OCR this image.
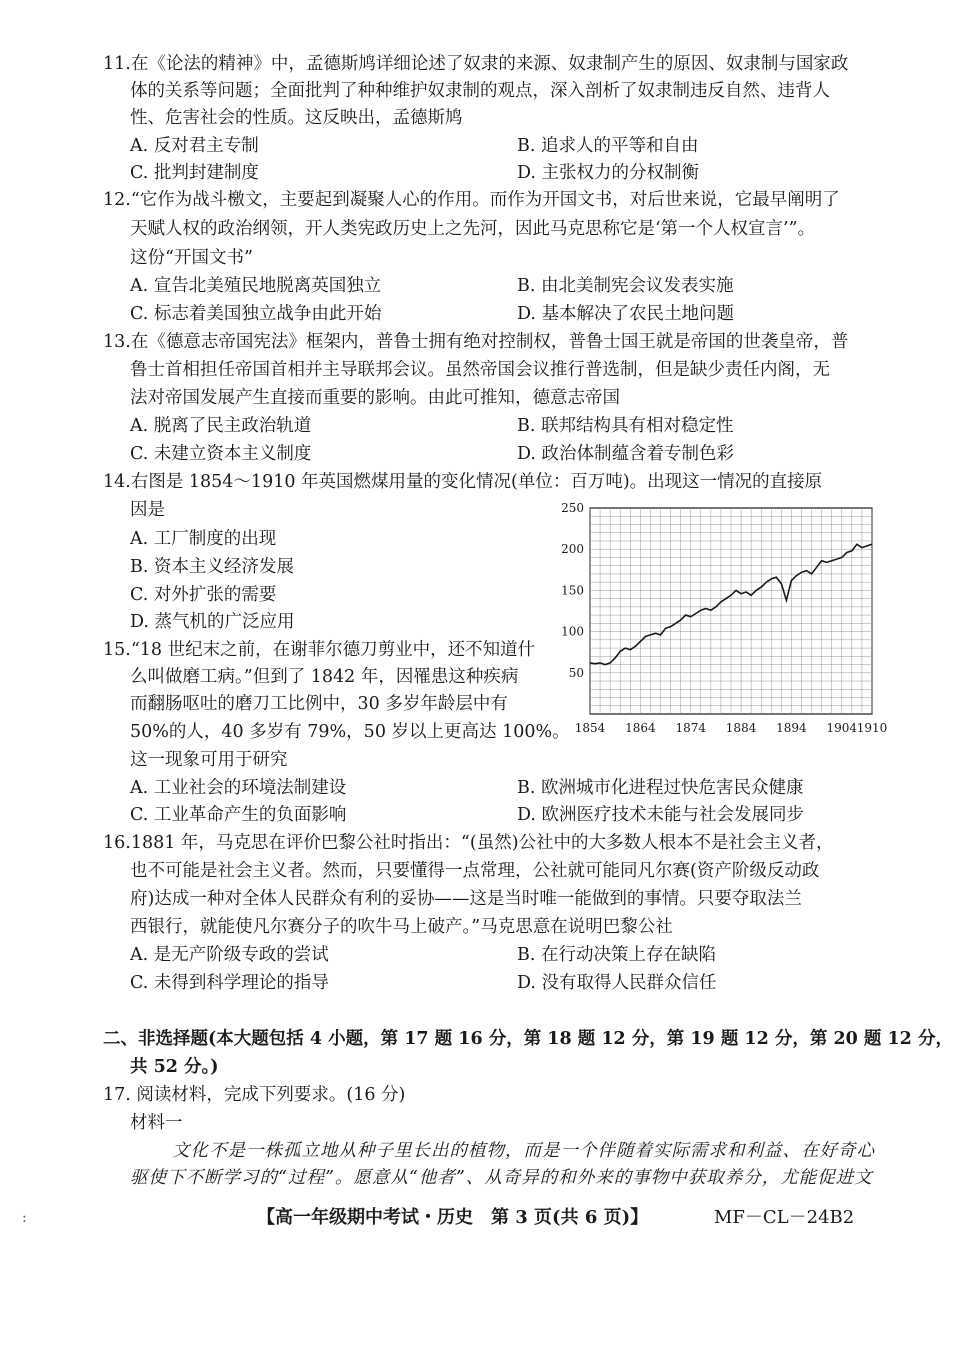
11.在《论法的精神》中，孟德斯鸠详细论述了奴隶的来源、奴隶制产生的原因、奴隶制与国家政
体的关系等问题；全面批判了种种维护奴隶制的观点，深入剖析了奴隶制违反自然、违背人
性、危害社会的性质。这反映出，孟德斯鸠
A. 反对君主专制	B. 追求人的平等和自由
C. 批判封建制度	D. 主张权力的分权制衡
12.“它作为战斗檄文，主要起到凝聚人心的作用。而作为开国文书，对后世来说，它最早阐明了
天赋人权的政治纲领，开人类宪政历史上之先河，因此马克思称它是‘第一个人权宣言’”。
这份“开国文书”
A. 宣告北美殖民地脱离英国独立	B. 由北美制宪会议发表实施
C. 标志着美国独立战争由此开始	D. 基本解决了农民土地问题
13.在《德意志帝国宪法》框架内，普鲁士拥有绝对控制权，普鲁士国王就是帝国的世袭皇帝，普
鲁士首相担任帝国首相并主导联邦会议。虽然帝国会议推行普选制，但是缺少责任内阁，无
法对帝国发展产生直接而重要的影响。由此可推知，德意志帝国
A. 脱离了民主政治轨道	B. 联邦结构具有相对稳定性
C. 未建立资本主义制度	D. 政治体制蕴含着专制色彩
14.右图是 1854～1910 年英国燃煤用量的变化情况(单位：百万吨)。出现这一情况的直接原
因是
A. 工厂制度的出现
B. 资本主义经济发展
C. 对外扩张的需要
D. 蒸气机的广泛应用
50
100
150
200
250
1854 1864 1874 1884 1894 1904 1910
15.“18 世纪末之前，在谢菲尔德刀剪业中，还不知道什
么叫做磨工病。”但到了 1842 年，因罹患这种疾病
而翻肠呕吐的磨刀工比例中，30 多岁年龄层中有
50%的人，40 多岁有 79%，50 岁以上更高达 100%。
这一现象可用于研究
A. 工业社会的环境法制建设	B. 欧洲城市化进程过快危害民众健康
C. 工业革命产生的负面影响	D. 欧洲医疗技术未能与社会发展同步
16.1881 年，马克思在评价巴黎公社时指出：“(虽然)公社中的大多数人根本不是社会主义者，
也不可能是社会主义者。然而，只要懂得一点常理，公社就可能同凡尔赛(资产阶级反动政
府)达成一种对全体人民群众有利的妥协——这是当时唯一能做到的事情。只要夺取法兰
西银行，就能使凡尔赛分子的吹牛马上破产。”马克思意在说明巴黎公社
A. 是无产阶级专政的尝试	B. 在行动决策上存在缺陷
C. 未得到科学理论的指导	D. 没有取得人民群众信任
二、非选择题(本大题包括 4 小题，第 17 题 16 分，第 18 题 12 分，第 19 题 12 分，第 20 题 12 分，
共 52 分。)
17. 阅读材料，完成下列要求。(16 分)
材料一
文化不是一株孤立地从种子里长出的植物，而是一个伴随着实际需求和利益、在好奇心
驱使下不断学习的“过程”。愿意从“他者”、从奇异的和外来的事物中获取养分，尤能促进文
:	【高一年级期中考试・历史　第 3 页(共 6 页)】	MF－CL－24B2
